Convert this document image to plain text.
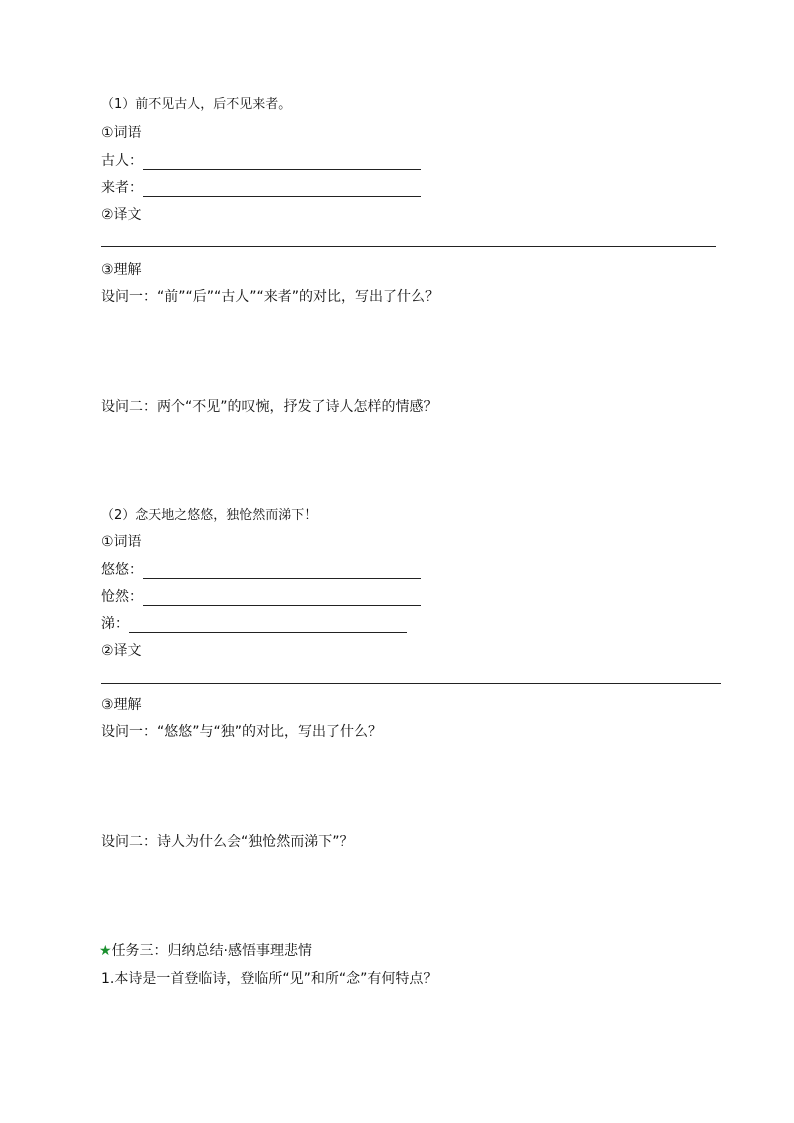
（1）前不见古人，后不见来者。
①词语
古人：
来者：
②译文
③理解
设问一：“前”“后”“古人”“来者”的对比，写出了什么？
设问二：两个“不见”的叹惋，抒发了诗人怎样的情感？
（2）念天地之悠悠，独怆然而涕下！
①词语
悠悠：
怆然：
涕：
②译文
③理解
设问一：“悠悠”与“独”的对比，写出了什么？
设问二：诗人为什么会“独怆然而涕下”？
★任务三：归纳总结·感悟事理悲情
1.本诗是一首登临诗，登临所“见”和所“念”有何特点？
